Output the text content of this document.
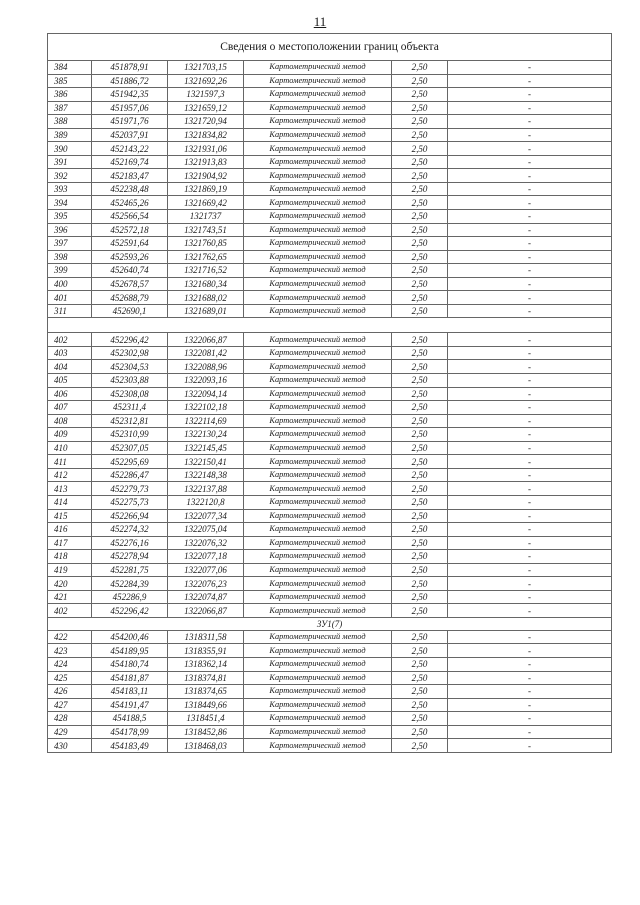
11
Сведения о местоположении границ объекта					
384	451878,91	1321703,15	Картометрический метод	2,50	-
385	451886,72	1321692,26	Картометрический метод	2,50	-
386	451942,35	1321597,3	Картометрический метод	2,50	-
387	451957,06	1321659,12	Картометрический метод	2,50	-
388	451971,76	1321720,94	Картометрический метод	2,50	-
389	452037,91	1321834,82	Картометрический метод	2,50	-
390	452143,22	1321931,06	Картометрический метод	2,50	-
391	452169,74	1321913,83	Картометрический метод	2,50	-
392	452183,47	1321904,92	Картометрический метод	2,50	-
393	452238,48	1321869,19	Картометрический метод	2,50	-
394	452465,26	1321669,42	Картометрический метод	2,50	-
395	452566,54	1321737	Картометрический метод	2,50	-
396	452572,18	1321743,51	Картометрический метод	2,50	-
397	452591,64	1321760,85	Картометрический метод	2,50	-
398	452593,26	1321762,65	Картометрический метод	2,50	-
399	452640,74	1321716,52	Картометрический метод	2,50	-
400	452678,57	1321680,34	Картометрический метод	2,50	-
401	452688,79	1321688,02	Картометрический метод	2,50	-
311	452690,1	1321689,01	Картометрический метод	2,50	-

402	452296,42	1322066,87	Картометрический метод	2,50	-
403	452302,98	1322081,42	Картометрический метод	2,50	-
404	452304,53	1322088,96	Картометрический метод	2,50	-
405	452303,88	1322093,16	Картометрический метод	2,50	-
406	452308,08	1322094,14	Картометрический метод	2,50	-
407	452311,4	1322102,18	Картометрический метод	2,50	-
408	452312,81	1322114,69	Картометрический метод	2,50	-
409	452310,99	1322130,24	Картометрический метод	2,50	-
410	452307,05	1322145,45	Картометрический метод	2,50	-
411	452295,69	1322150,41	Картометрический метод	2,50	-
412	452286,47	1322148,38	Картометрический метод	2,50	-
413	452279,73	1322137,88	Картометрический метод	2,50	-
414	452275,73	1322120,8	Картометрический метод	2,50	-
415	452266,94	1322077,34	Картометрический метод	2,50	-
416	452274,32	1322075,04	Картометрический метод	2,50	-
417	452276,16	1322076,32	Картометрический метод	2,50	-
418	452278,94	1322077,18	Картометрический метод	2,50	-
419	452281,75	1322077,06	Картометрический метод	2,50	-
420	452284,39	1322076,23	Картометрический метод	2,50	-
421	452286,9	1322074,87	Картометрический метод	2,50	-
402	452296,42	1322066,87	Картометрический метод	2,50	-
ЗУ1(7)					
422	454200,46	1318311,58	Картометрический метод	2,50	-
423	454189,95	1318355,91	Картометрический метод	2,50	-
424	454180,74	1318362,14	Картометрический метод	2,50	-
425	454181,87	1318374,81	Картометрический метод	2,50	-
426	454183,11	1318374,65	Картометрический метод	2,50	-
427	454191,47	1318449,66	Картометрический метод	2,50	-
428	454188,5	1318451,4	Картометрический метод	2,50	-
429	454178,99	1318452,86	Картометрический метод	2,50	-
430	454183,49	1318468,03	Картометрический метод	2,50	-
